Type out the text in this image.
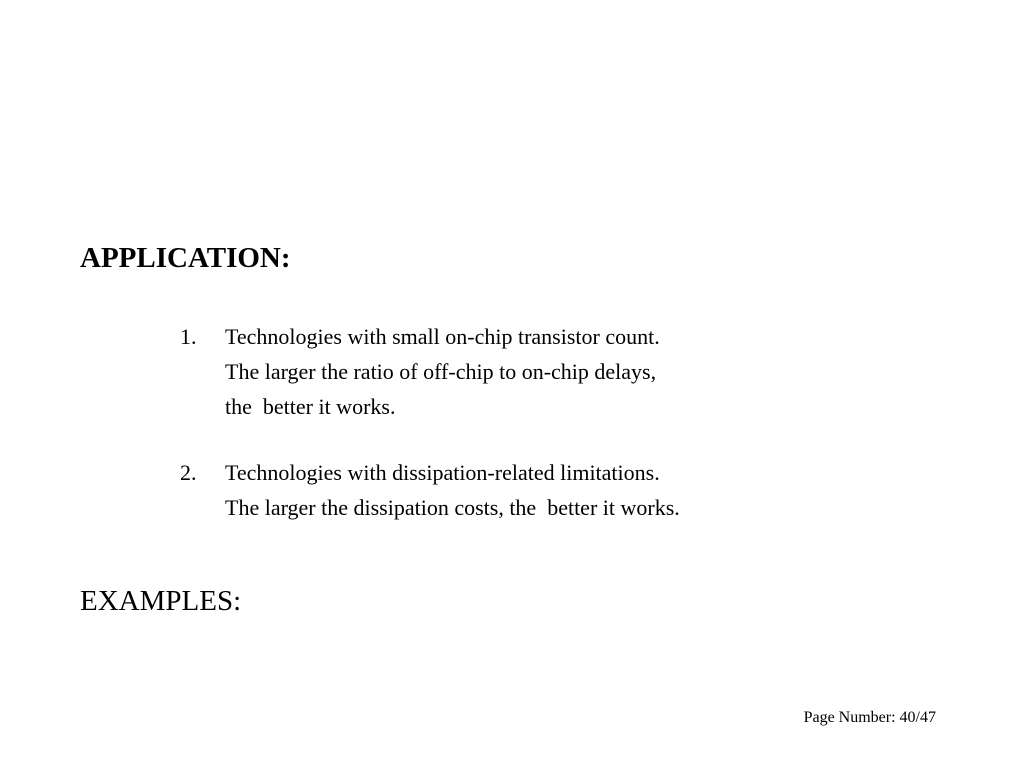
APPLICATION:
1.	Technologies with small on-chip transistor count.
The larger the ratio of off-chip to on-chip delays,
the  better it works.
2.	Technologies with dissipation-related limitations.
The larger the dissipation costs, the  better it works.
EXAMPLES:
Page Number: 40/47
